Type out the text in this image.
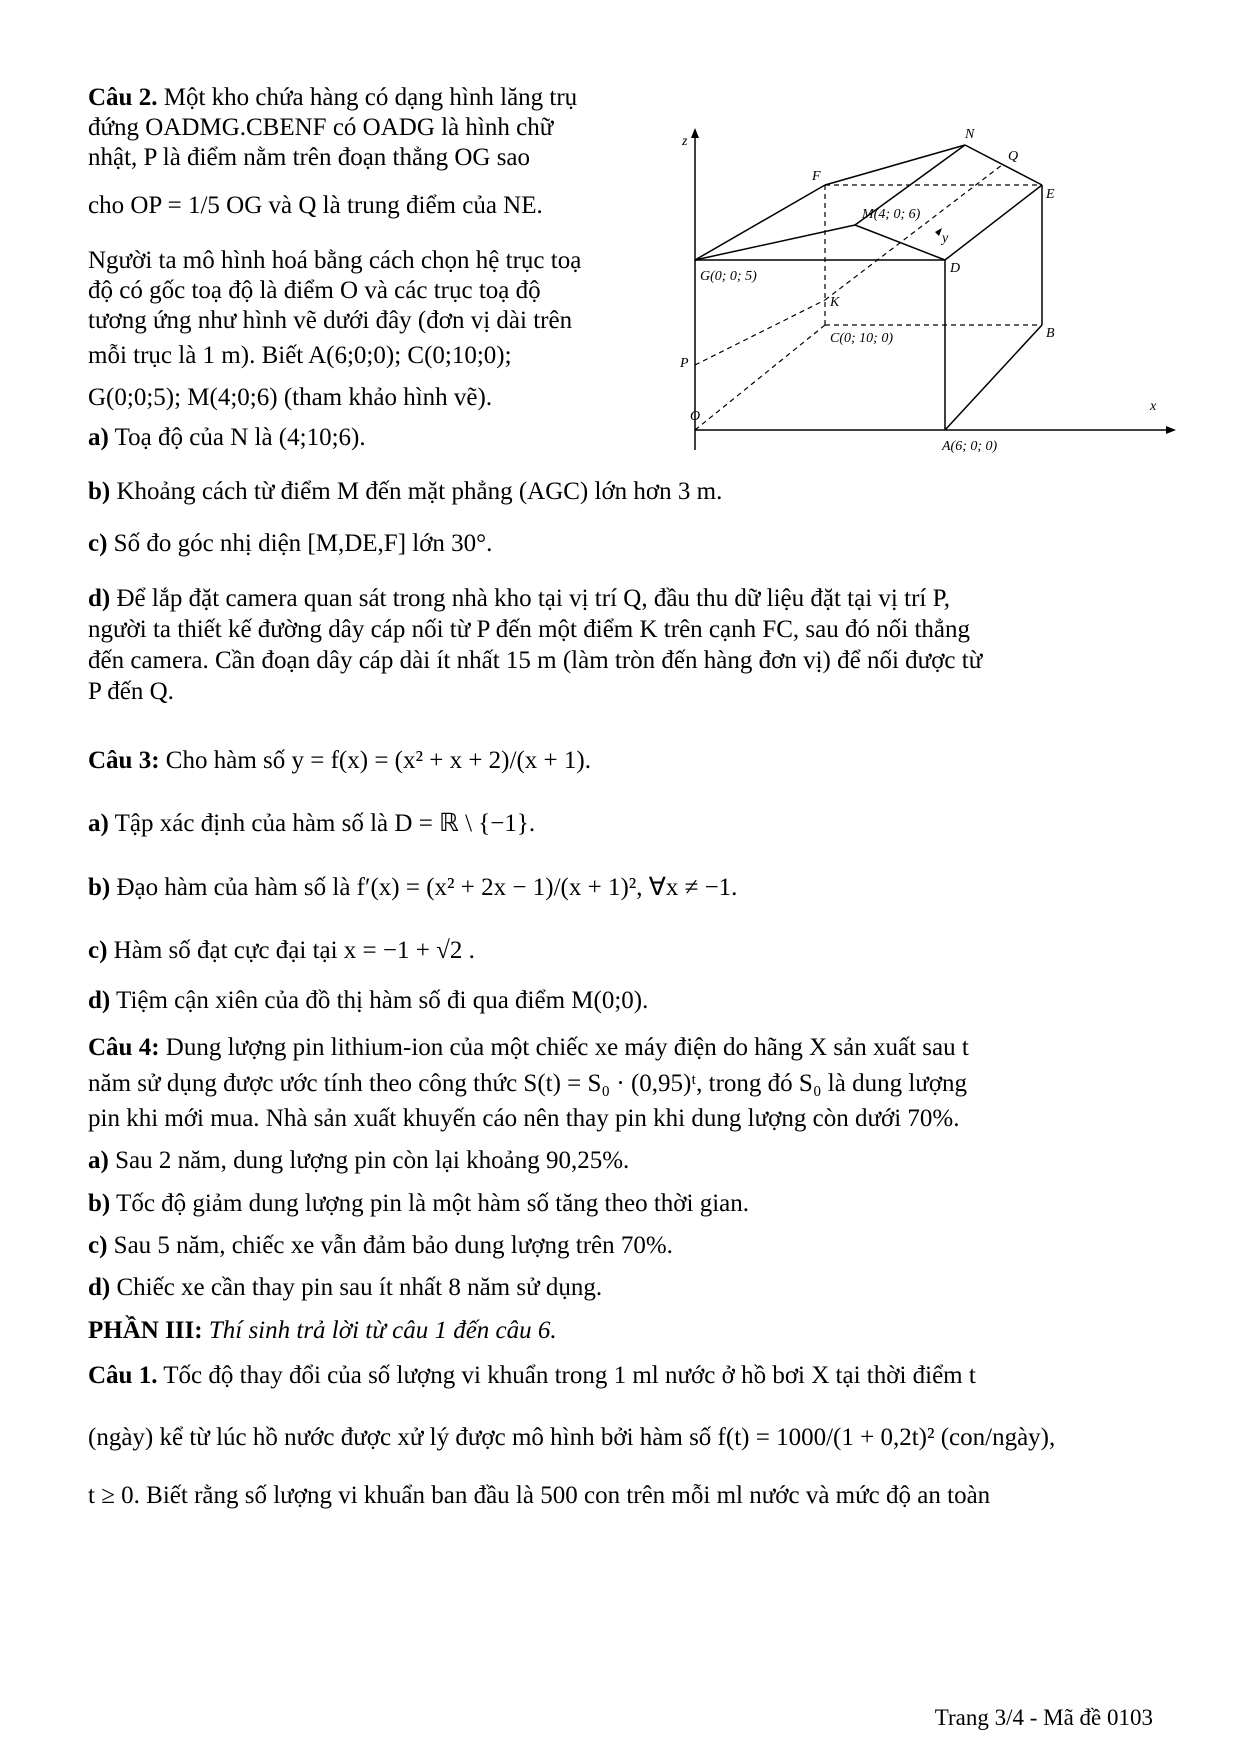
Câu 2. Một kho chứa hàng có dạng hình lăng trụ
đứng OADMG.CBENF có OADG là hình chữ
nhật, P là điểm nằm trên đoạn thẳng OG sao
cho OP = 1/5 OG và Q là trung điểm của NE.
Người ta mô hình hoá bằng cách chọn hệ trục toạ
độ có gốc toạ độ là điểm O và các trục toạ độ
tương ứng như hình vẽ dưới đây (đơn vị dài trên
mỗi trục là 1 m). Biết A(6;0;0); C(0;10;0);
G(0;0;5); M(4;0;6) (tham khảo hình vẽ).
z
x
y
O
N
Q
F
E
M(4; 0; 6)
D
G(0; 0; 5)
K
C(0; 10; 0)	B
P
A(6; 0; 0)
a) Toạ độ của N là (4;10;6).
b) Khoảng cách từ điểm M đến mặt phẳng (AGC) lớn hơn 3 m.
c) Số đo góc nhị diện [M,DE,F] lớn 30°.
d) Để lắp đặt camera quan sát trong nhà kho tại vị trí Q, đầu thu dữ liệu đặt tại vị trí P,
người ta thiết kế đường dây cáp nối từ P đến một điểm K trên cạnh FC, sau đó nối thẳng
đến camera. Cần đoạn dây cáp dài ít nhất 15 m (làm tròn đến hàng đơn vị) để nối được từ
P đến Q.
Câu 3: Cho hàm số y = f(x) = (x² + x + 2)/(x + 1).
a) Tập xác định của hàm số là D = ℝ \ {−1}.
b) Đạo hàm của hàm số là f′(x) = (x² + 2x − 1)/(x + 1)², ∀x ≠ −1.
c) Hàm số đạt cực đại tại x = −1 + √2 .
d) Tiệm cận xiên của đồ thị hàm số đi qua điểm M(0;0).
Câu 4: Dung lượng pin lithium-ion của một chiếc xe máy điện do hãng X sản xuất sau t
năm sử dụng được ước tính theo công thức S(t) = S₀ · (0,95)ᵗ, trong đó S₀ là dung lượng
pin khi mới mua. Nhà sản xuất khuyến cáo nên thay pin khi dung lượng còn dưới 70%.
a) Sau 2 năm, dung lượng pin còn lại khoảng 90,25%.
b) Tốc độ giảm dung lượng pin là một hàm số tăng theo thời gian.
c) Sau 5 năm, chiếc xe vẫn đảm bảo dung lượng trên 70%.
d) Chiếc xe cần thay pin sau ít nhất 8 năm sử dụng.
PHẦN III: Thí sinh trả lời từ câu 1 đến câu 6.
Câu 1. Tốc độ thay đổi của số lượng vi khuẩn trong 1 ml nước ở hồ bơi X tại thời điểm t
(ngày) kể từ lúc hồ nước được xử lý được mô hình bởi hàm số f(t) = 1000/(1 + 0,2t)² (con/ngày),
t ≥ 0. Biết rằng số lượng vi khuẩn ban đầu là 500 con trên mỗi ml nước và mức độ an toàn
Trang 3/4 - Mã đề 0103
